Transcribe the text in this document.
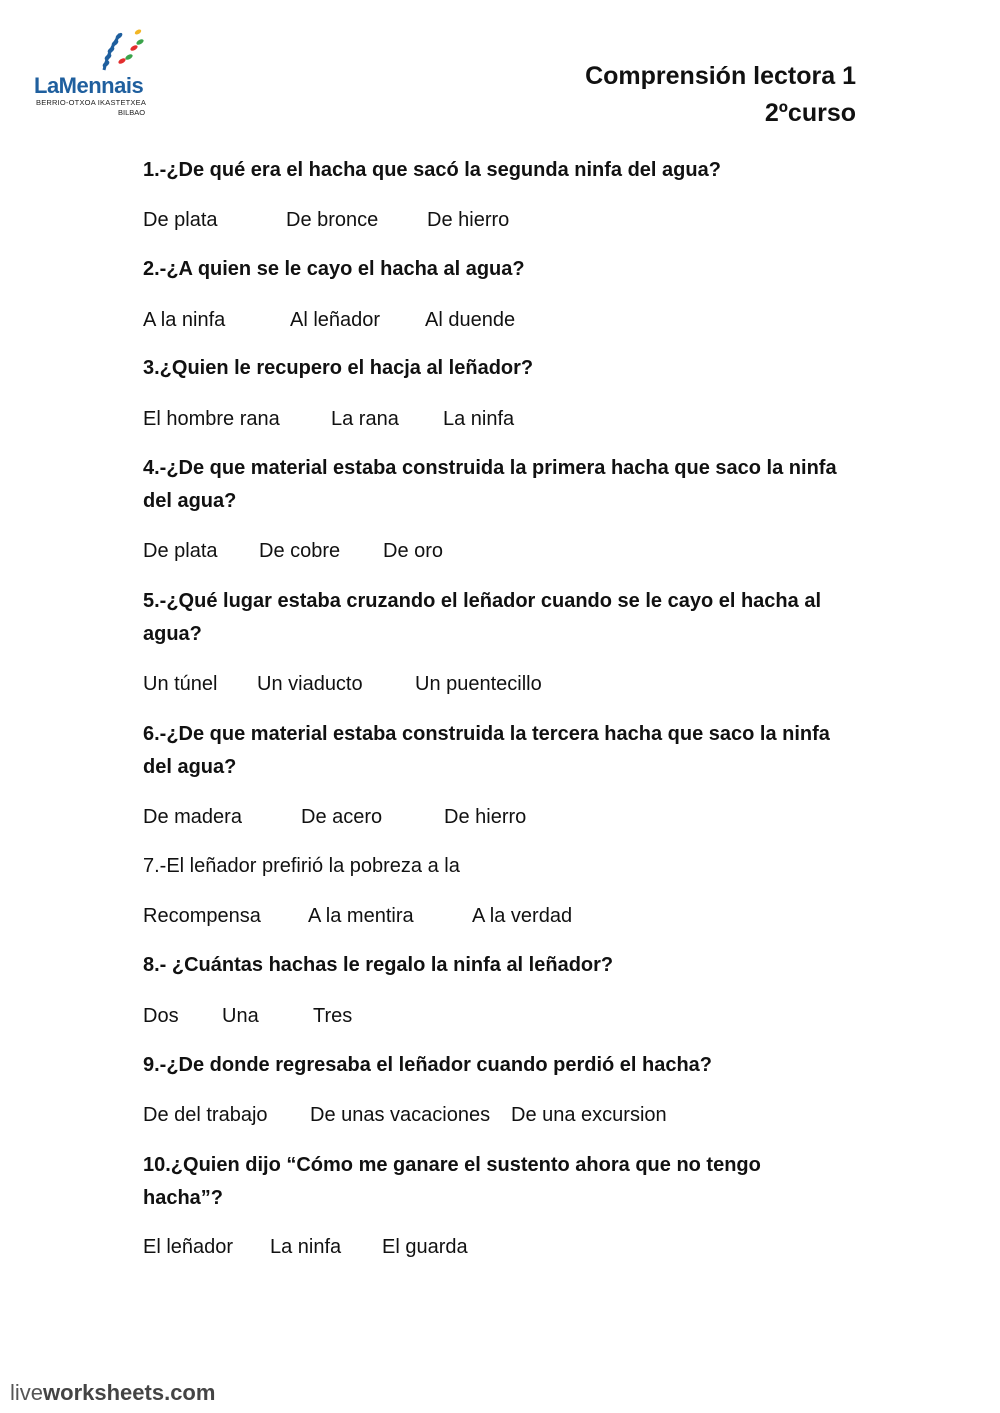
LaMennais
BERRIO-OTXOA IKASTETXEA
BILBAO
Comprensión lectora 1
2ºcurso
1.-¿De qué era el hacha que sacó la segunda ninfa del agua?
De plata	De bronce De hierro
2.-¿A quien se le cayo el hacha al agua?
A la ninfa	Al leñador Al duende
3.¿Quien le recupero el hacja al leñador?
El hombre rana	La rana La ninfa
4.-¿De que material estaba construida la primera hacha que saco la ninfa del agua?
De plata De cobre De oro
5.-¿Qué lugar estaba cruzando el leñador cuando se le cayo el hacha al agua?
Un túnel Un viaducto	Un puentecillo
6.-¿De que material estaba construida la tercera hacha que saco la ninfa del agua?
De madera	De acero	De hierro
7.-El leñador prefirió la pobreza a la
Recompensa A la mentira	A la verdad
8.- ¿Cuántas hachas le regalo la ninfa al leñador?
Dos Una	Tres
9.-¿De donde regresaba el leñador cuando perdió el hacha?
De del trabajo De unas vacaciones De una excursion
10.¿Quien dijo “Cómo me ganare el sustento ahora que no tengo hacha”?
El leñador La ninfa El guarda
liveworksheets.com
